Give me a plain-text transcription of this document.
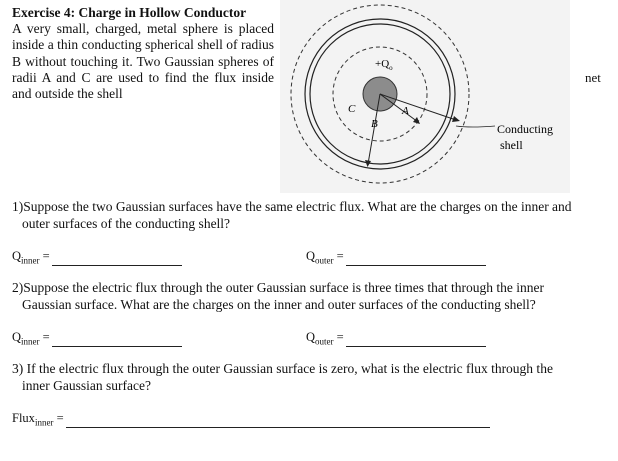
Exercise 4: Charge in Hollow Conductor
A very small, charged, metal sphere is placed inside a thin conducting spherical shell of radius B without touching it. Two Gaussian spheres of radii A and C are used to find the flux inside and outside the shell
net
$+Q_o$
A
B
C
Conducting
shell
1)Suppose the two Gaussian surfaces have the same electric flux. What are the charges on the inner and
outer surfaces of the conducting shell?
$Q_{inner}$ =	$Q_{outer}$ =
2)Suppose the electric flux through the outer Gaussian surface is three times that through the inner
Gaussian surface. What are the charges on the inner and outer surfaces of the conducting shell?
$Q_{inner}$ =	$Q_{outer}$ =
3) If the electric flux through the outer Gaussian surface is zero, what is the electric flux through the
inner Gaussian surface?
Flux$_{inner}$ =
